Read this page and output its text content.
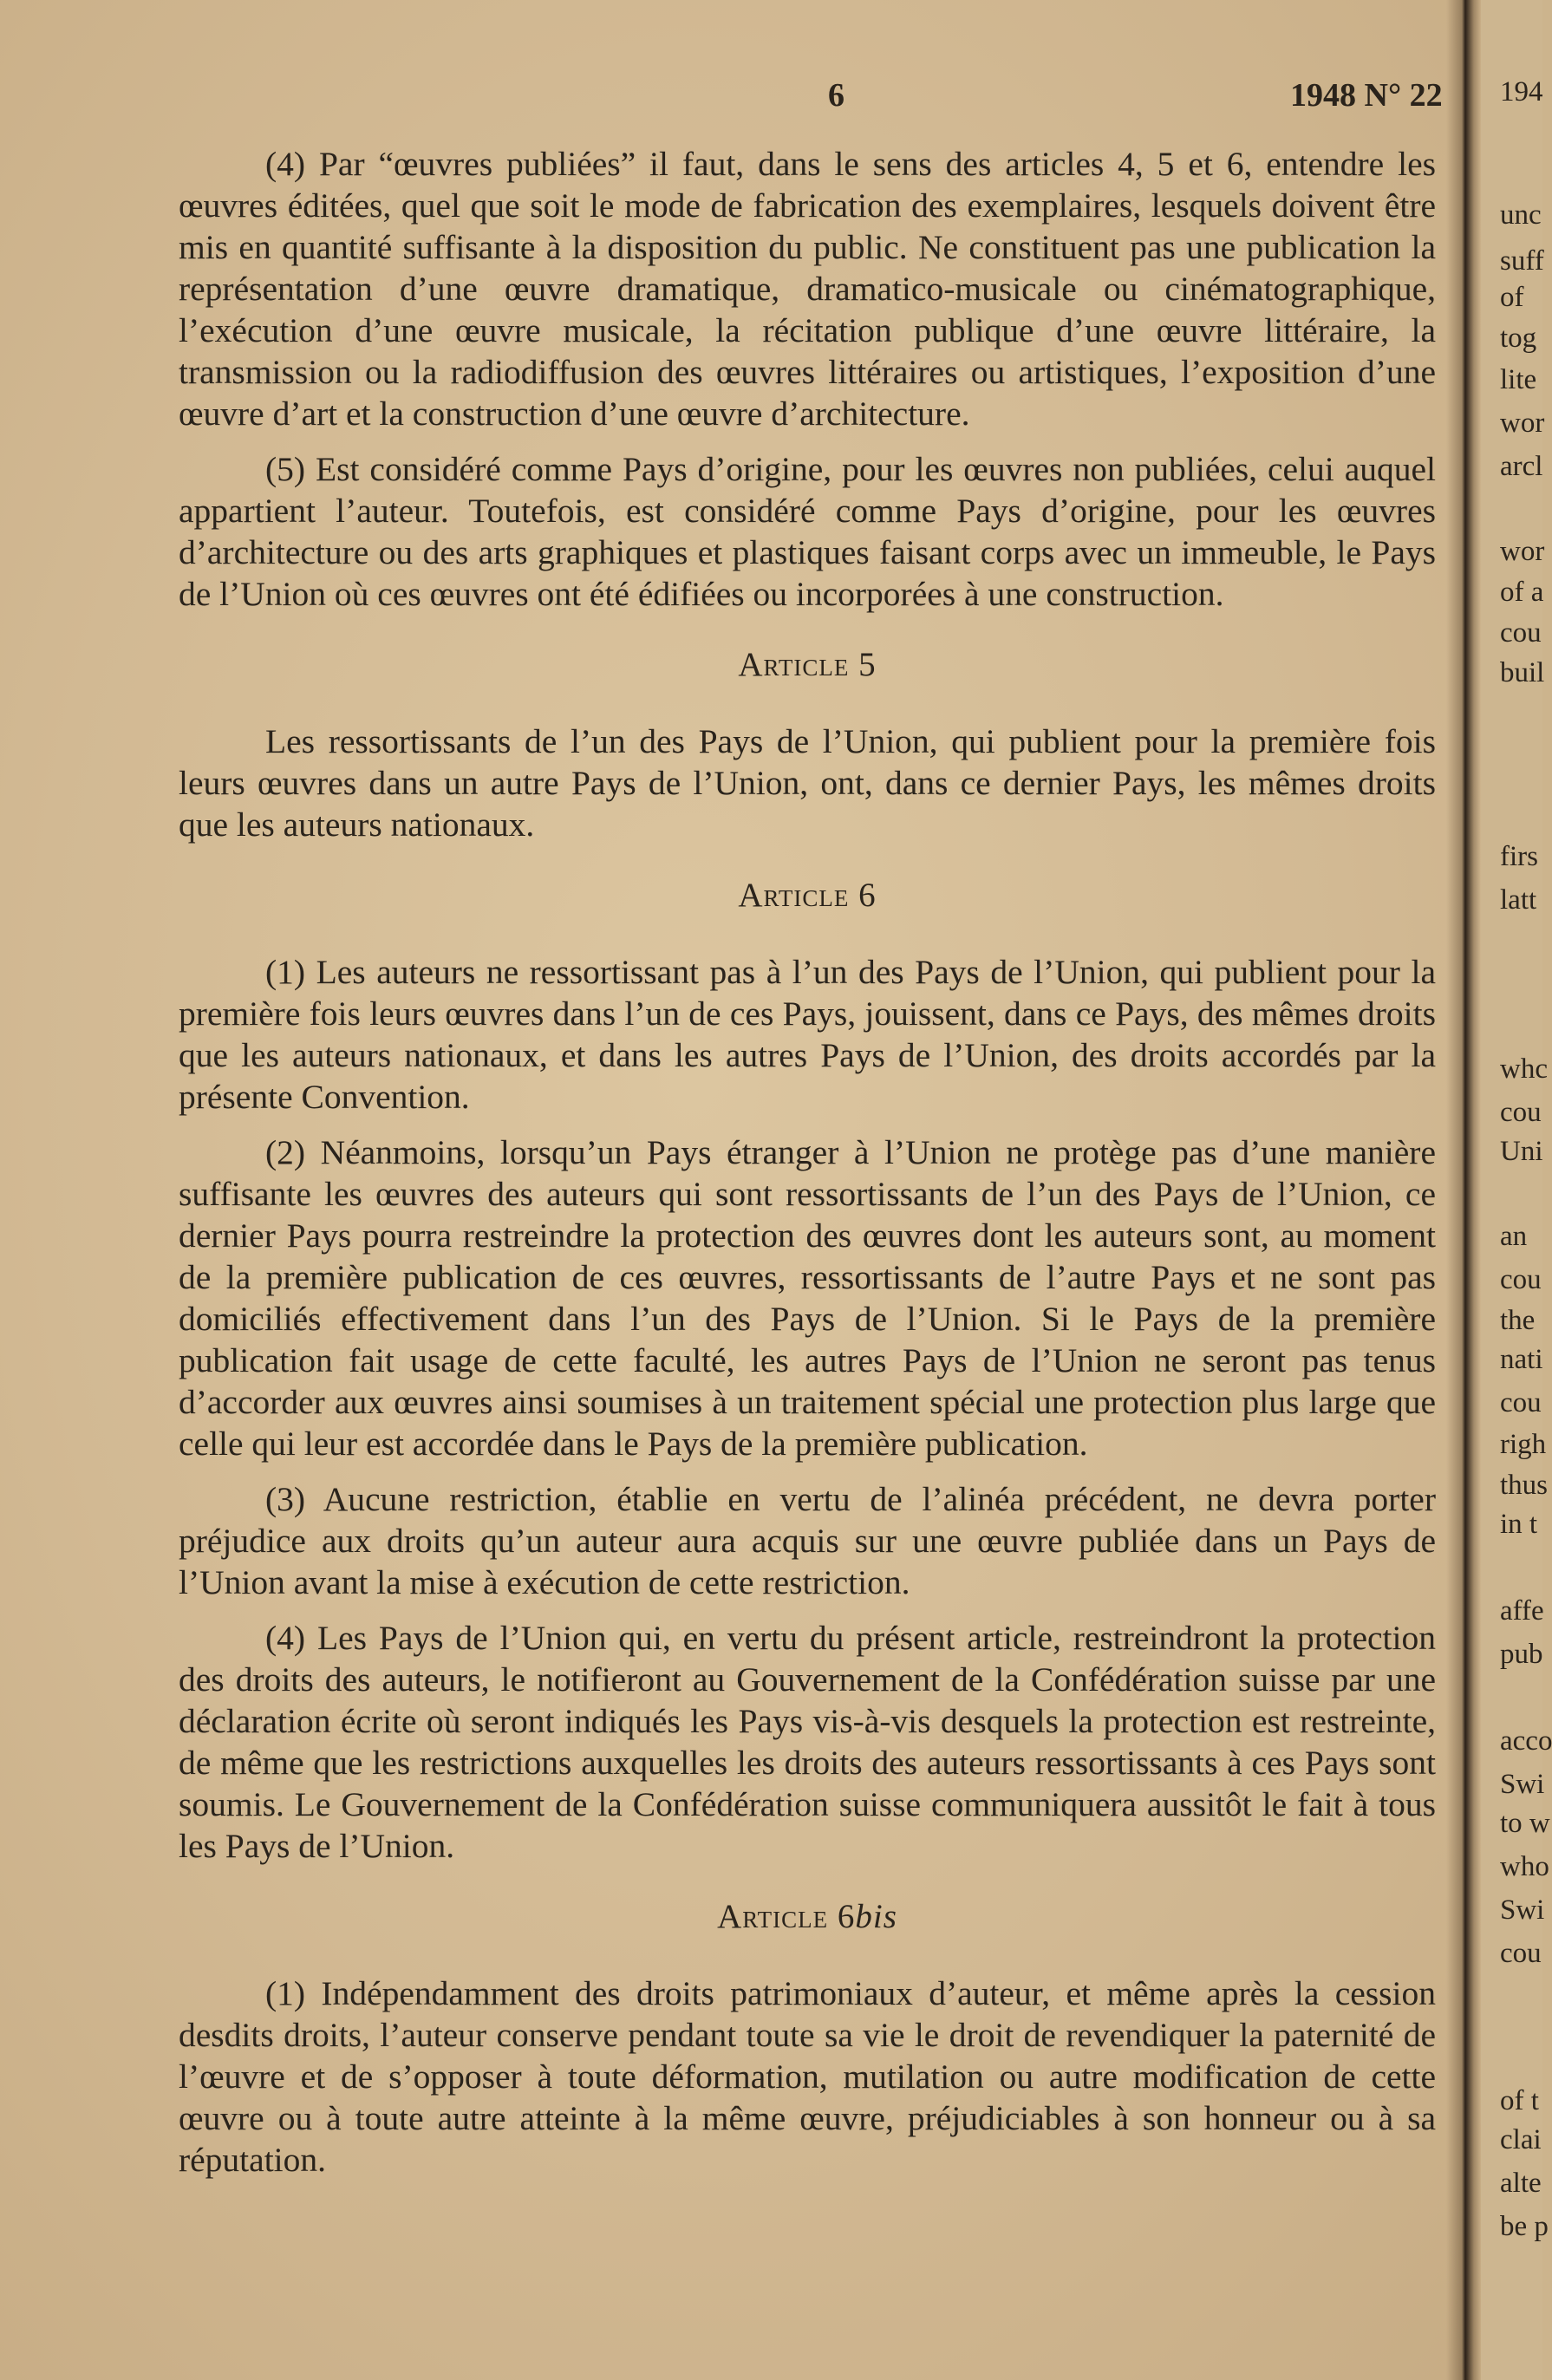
6	1948 N° 22

(4) Par “œuvres publiées” il faut, dans le sens des articles 4, 5 et 6, entendre les œuvres éditées, quel que soit le mode de fabrication des exemplaires, lesquels doivent être mis en quantité suffisante à la disposition du public. Ne constituent pas une publication la représentation d’une œuvre dramatique, dramatico-musicale ou cinématographique, l’exécution d’une œuvre musicale, la récitation publique d’une œuvre littéraire, la transmission ou la radiodiffusion des œuvres littéraires ou artistiques, l’exposition d’une œuvre d’art et la construction d’une œuvre d’architecture.

(5) Est considéré comme Pays d’origine, pour les œuvres non publiées, celui auquel appartient l’auteur. Toutefois, est considéré comme Pays d’origine, pour les œuvres d’architecture ou des arts graphiques et plastiques faisant corps avec un immeuble, le Pays de l’Union où ces œuvres ont été édifiées ou incorporées à une construction.

Article 5

Les ressortissants de l’un des Pays de l’Union, qui publient pour la première fois leurs œuvres dans un autre Pays de l’Union, ont, dans ce dernier Pays, les mêmes droits que les auteurs nationaux.

Article 6

(1) Les auteurs ne ressortissant pas à l’un des Pays de l’Union, qui publient pour la première fois leurs œuvres dans l’un de ces Pays, jouissent, dans ce Pays, des mêmes droits que les auteurs nationaux, et dans les autres Pays de l’Union, des droits accordés par la présente Convention.

(2) Néanmoins, lorsqu’un Pays étranger à l’Union ne protège pas d’une manière suffisante les œuvres des auteurs qui sont ressortissants de l’un des Pays de l’Union, ce dernier Pays pourra restreindre la protection des œuvres dont les auteurs sont, au moment de la première publication de ces œuvres, ressortissants de l’autre Pays et ne sont pas domiciliés effectivement dans l’un des Pays de l’Union. Si le Pays de la première publication fait usage de cette faculté, les autres Pays de l’Union ne seront pas tenus d’accorder aux œuvres ainsi soumises à un traitement spécial une protection plus large que celle qui leur est accordée dans le Pays de la première publication.

(3) Aucune restriction, établie en vertu de l’alinéa précédent, ne devra porter préjudice aux droits qu’un auteur aura acquis sur une œuvre publiée dans un Pays de l’Union avant la mise à exécution de cette restriction.

(4) Les Pays de l’Union qui, en vertu du présent article, restreindront la protection des droits des auteurs, le notifieront au Gouvernement de la Confédération suisse par une déclaration écrite où seront indiqués les Pays vis-à-vis desquels la protection est restreinte, de même que les restrictions auxquelles les droits des auteurs ressortissants à ces Pays sont soumis. Le Gouvernement de la Confédération suisse communiquera aussitôt le fait à tous les Pays de l’Union.

Article 6bis

(1) Indépendamment des droits patrimoniaux d’auteur, et même après la cession desdits droits, l’auteur conserve pendant toute sa vie le droit de revendiquer la paternité de l’œuvre et de s’opposer à toute déformation, mutilation ou autre modification de cette œuvre ou à toute autre atteinte à la même œuvre, préjudiciables à son honneur ou à sa réputation.

194
unc
suff
of
tog
lite
wor
arcl
wor
of a
cou
buil
firs
latt
whc
cou
Uni
an
cou
the
nati
cou
righ
thus
in t
affe
pub
acco
Swi
to w
who
Swi
cou
of t
clai
alte
be p
